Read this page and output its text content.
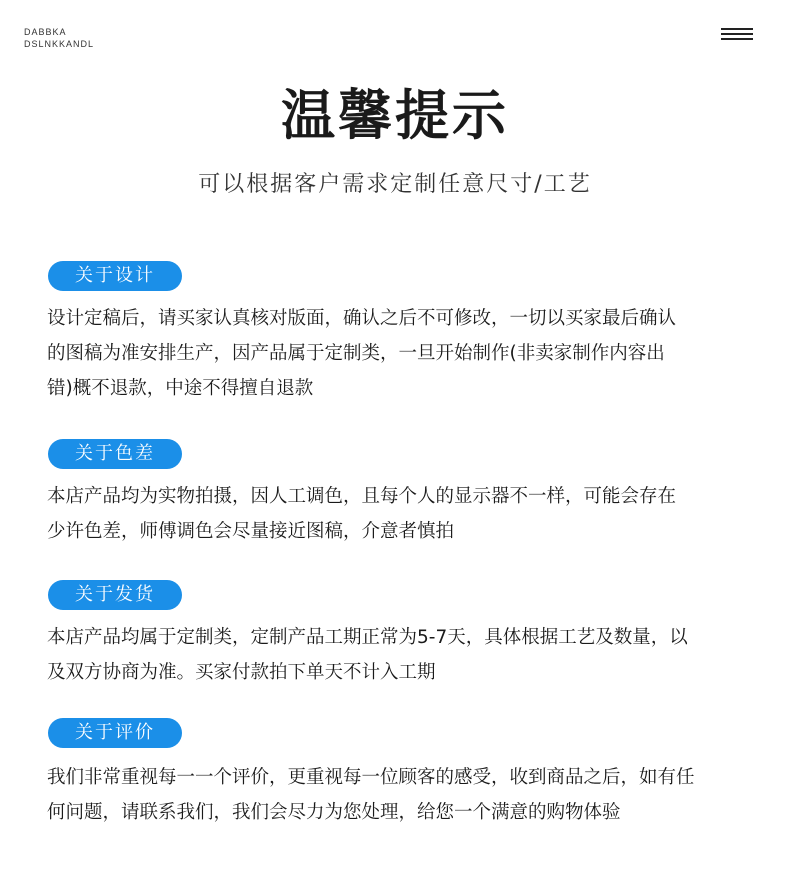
DABBKA
DSLNKKANDL
温馨提示
可以根据客户需求定制任意尺寸/工艺
关于设计
设计定稿后，请买家认真核对版面，确认之后不可修改，一切以买家最后确认
的图稿为准安排生产，因产品属于定制类，一旦开始制作(非卖家制作内容出
错)概不退款，中途不得擅自退款
关于色差
本店产品均为实物拍摄，因人工调色，且每个人的显示器不一样，可能会存在
少许色差，师傅调色会尽量接近图稿，介意者慎拍
关于发货
本店产品均属于定制类，定制产品工期正常为5-7天，具体根据工艺及数量，以
及双方协商为准。买家付款拍下单天不计入工期
关于评价
我们非常重视每一一个评价，更重视每一位顾客的感受，收到商品之后，如有任
何问题，请联系我们，我们会尽力为您处理，给您一个满意的购物体验
